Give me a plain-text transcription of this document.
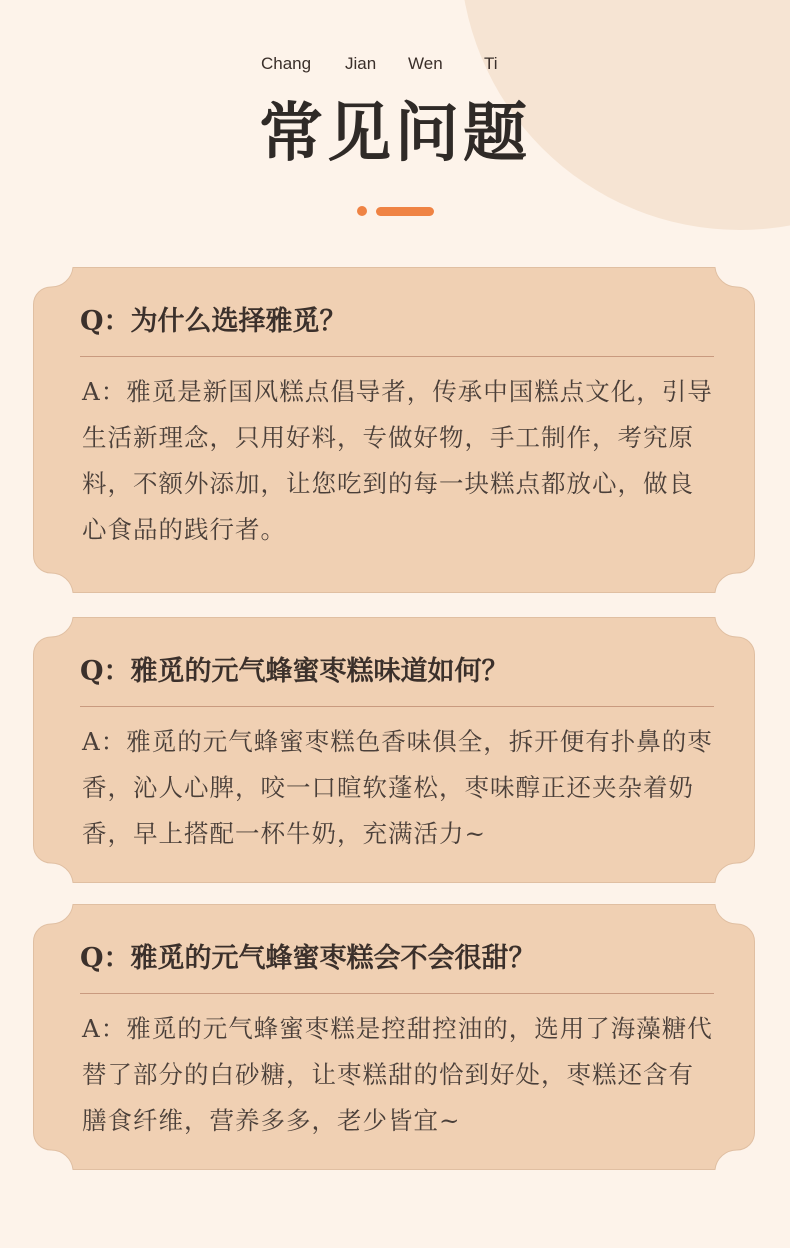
Chang Jian Wen Ti
常见问题
Q：为什么选择雅觅？
A：雅觅是新国风糕点倡导者，传承中国糕点文化，引导生活新理念，只用好料，专做好物，手工制作，考究原料，不额外添加，让您吃到的每一块糕点都放心，做良心食品的践行者。
Q：雅觅的元气蜂蜜枣糕味道如何？
A：雅觅的元气蜂蜜枣糕色香味俱全，拆开便有扑鼻的枣香，沁人心脾，咬一口暄软蓬松，枣味醇正还夹杂着奶香，早上搭配一杯牛奶，充满活力~
Q：雅觅的元气蜂蜜枣糕会不会很甜？
A：雅觅的元气蜂蜜枣糕是控甜控油的，选用了海藻糖代替了部分的白砂糖，让枣糕甜的恰到好处，枣糕还含有膳食纤维，营养多多，老少皆宜~
